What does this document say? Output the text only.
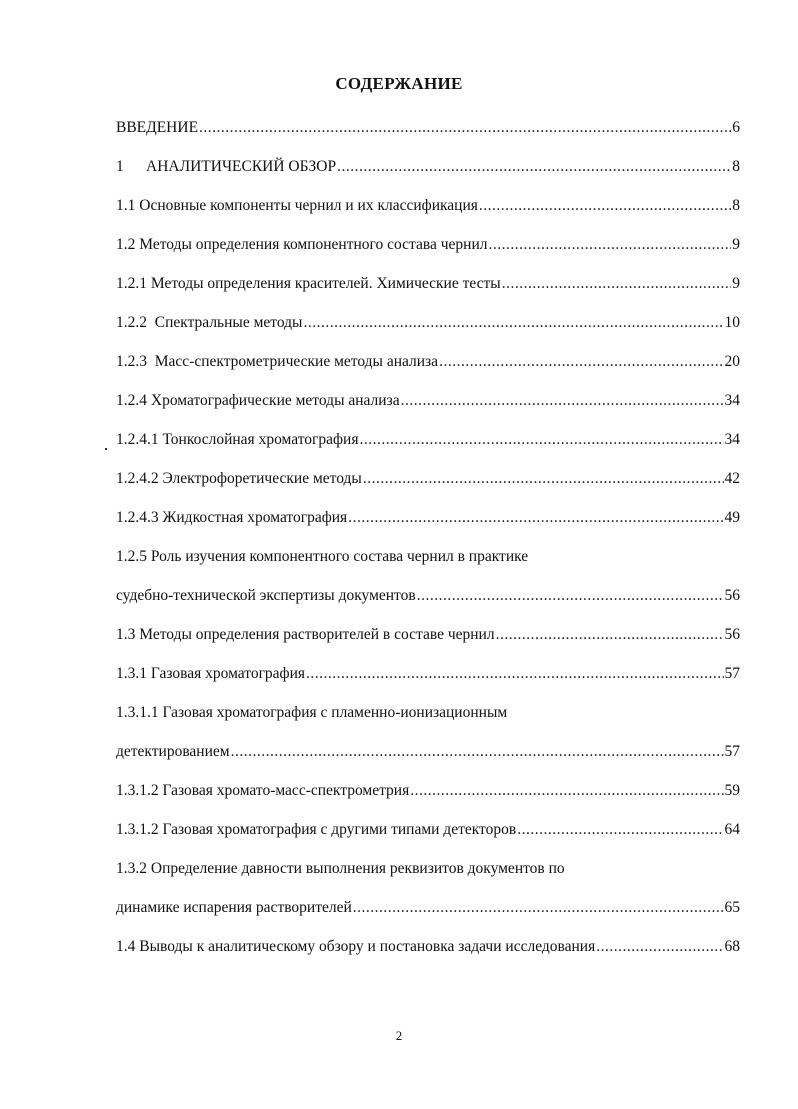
СОДЕРЖАНИЕ
ВВЕДЕНИЕ .....	6
1 АНАЛИТИЧЕСКИЙ ОБЗОР .....	8
1.1 Основные компоненты чернил и их классификация .....	8
1.2 Методы определения компонентного состава чернил .....	9
1.2.1 Методы определения красителей. Химические тесты .....	9
1.2.2  Спектральные методы .....	10
1.2.3  Масс-спектрометрические методы анализа .....	20
1.2.4 Хроматографические методы анализа .....	34
1.2.4.1 Тонкослойная хроматография .....	34
1.2.4.2 Электрофоретические методы .....	42
1.2.4.3 Жидкостная хроматография .....	49
1.2.5 Роль изучения компонентного состава чернил в практике
судебно-технической экспертизы документов .....	56
1.3 Методы определения растворителей в составе чернил .....	56
1.3.1 Газовая хроматография .....	57
1.3.1.1 Газовая хроматография с пламенно-ионизационным
детектированием .....	57
1.3.1.2 Газовая хромато-масс-спектрометрия .....	59
1.3.1.2 Газовая хроматография с другими типами детекторов .....	64
1.3.2 Определение давности выполнения реквизитов документов по
динамике испарения растворителей .....	65
1.4 Выводы к аналитическому обзору и постановка задачи исследования .....	68
2
